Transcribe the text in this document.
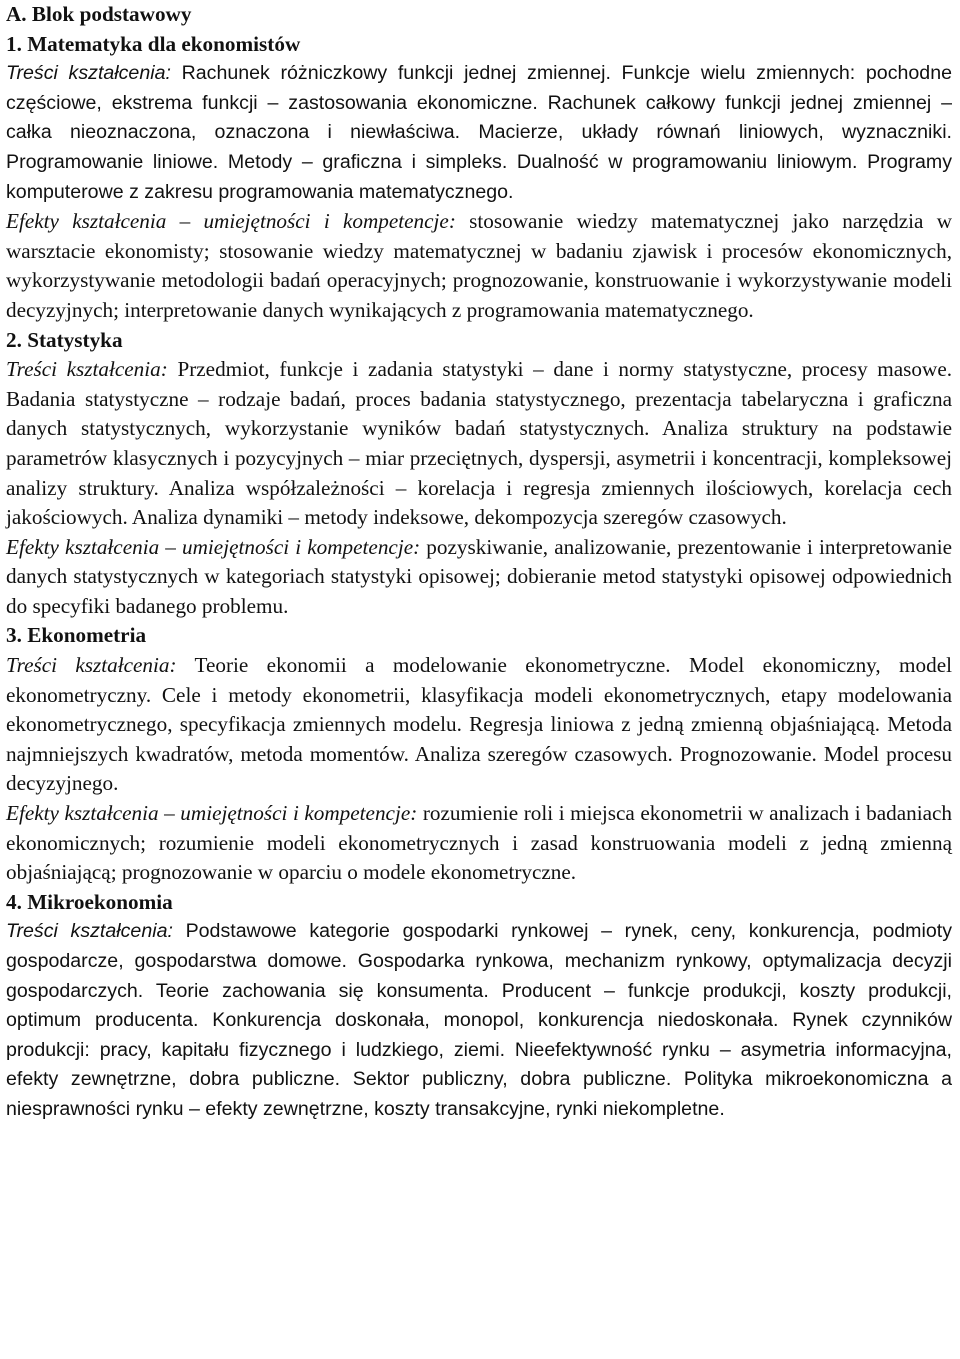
A. Blok podstawowy
1. Matematyka dla ekonomistów

Treści kształcenia: Rachunek różniczkowy funkcji jednej zmiennej. Funkcje wielu zmiennych: pochodne częściowe, ekstrema funkcji – zastosowania ekonomiczne. Rachunek całkowy funkcji jednej zmiennej – całka nieoznaczona, oznaczona i niewłaściwa. Macierze, układy równań liniowych, wyznaczniki. Programowanie liniowe. Metody – graficzna i simpleks. Dualność w programowaniu liniowym. Programy komputerowe z zakresu programowania matematycznego.

Efekty kształcenia – umiejętności i kompetencje: stosowanie wiedzy matematycznej jako narzędzia w warsztacie ekonomisty; stosowanie wiedzy matematycznej w badaniu zjawisk i procesów ekonomicznych, wykorzystywanie metodologii badań operacyjnych; prognozowanie, konstruowanie i wykorzystywanie modeli decyzyjnych; interpretowanie danych wynikających z programowania matematycznego.

2. Statystyka

Treści kształcenia: Przedmiot, funkcje i zadania statystyki – dane i normy statystyczne, procesy masowe. Badania statystyczne – rodzaje badań, proces badania statystycznego, prezentacja tabelaryczna i graficzna danych statystycznych, wykorzystanie wyników badań statystycznych. Analiza struktury na podstawie parametrów klasycznych i pozycyjnych – miar przeciętnych, dyspersji, asymetrii i koncentracji, kompleksowej analizy struktury. Analiza współzależności – korelacja i regresja zmiennych ilościowych, korelacja cech jakościowych. Analiza dynamiki – metody indeksowe, dekompozycja szeregów czasowych.

Efekty kształcenia – umiejętności i kompetencje: pozyskiwanie, analizowanie, prezentowanie i interpretowanie danych statystycznych w kategoriach statystyki opisowej; dobieranie metod statystyki opisowej odpowiednich do specyfiki badanego problemu.

3. Ekonometria

Treści kształcenia: Teorie ekonomii a modelowanie ekonometryczne. Model ekonomiczny, model ekonometryczny. Cele i metody ekonometrii, klasyfikacja modeli ekonometrycznych, etapy modelowania ekonometrycznego, specyfikacja zmiennych modelu. Regresja liniowa z jedną zmienną objaśniającą. Metoda najmniejszych kwadratów, metoda momentów. Analiza szeregów czasowych. Prognozowanie. Model procesu decyzyjnego.

Efekty kształcenia – umiejętności i kompetencje: rozumienie roli i miejsca ekonometrii w analizach i badaniach ekonomicznych; rozumienie modeli ekonometrycznych i zasad konstruowania modeli z jedną zmienną objaśniającą; prognozowanie w oparciu o modele ekonometryczne.

4. Mikroekonomia

Treści kształcenia: Podstawowe kategorie gospodarki rynkowej – rynek, ceny, konkurencja, podmioty gospodarcze, gospodarstwa domowe. Gospodarka rynkowa, mechanizm rynkowy, optymalizacja decyzji gospodarczych. Teorie zachowania się konsumenta. Producent – funkcje produkcji, koszty produkcji, optimum producenta. Konkurencja doskonała, monopol, konkurencja niedoskonała. Rynek czynników produkcji: pracy, kapitału fizycznego i ludzkiego, ziemi. Nieefektywność rynku – asymetria informacyjna, efekty zewnętrzne, dobra publiczne. Sektor publiczny, dobra publiczne. Polityka mikroekonomiczna a niesprawności rynku – efekty zewnętrzne, koszty transakcyjne, rynki niekompletne.
